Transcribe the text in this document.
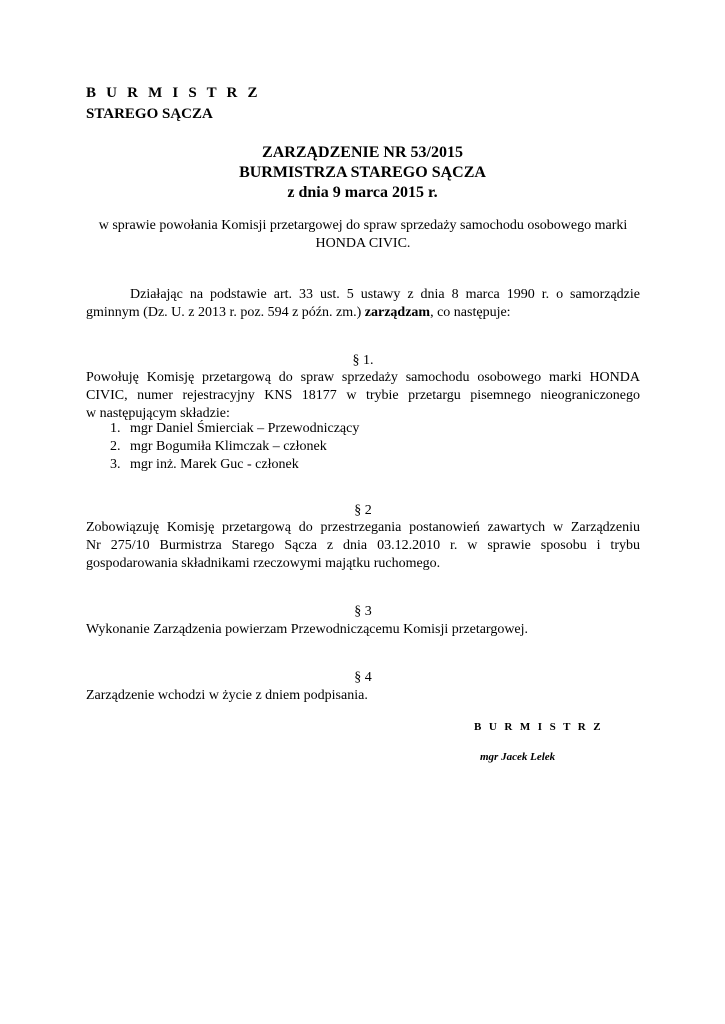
B U R M I S T R Z
STAREGO SĄCZA
ZARZĄDZENIE NR 53/2015
BURMISTRZA STAREGO SĄCZA
z dnia 9 marca 2015 r.
w sprawie powołania Komisji przetargowej do spraw sprzedaży samochodu osobowego marki
HONDA CIVIC.
Działając na podstawie art. 33 ust. 5 ustawy z dnia 8 marca 1990 r. o samorządzie
gminnym (Dz. U. z 2013 r. poz. 594 z późn. zm.) zarządzam, co następuje:
§ 1.
Powołuję Komisję przetargową do spraw sprzedaży samochodu osobowego marki HONDA
CIVIC, numer rejestracyjny KNS 18177 w trybie przetargu pisemnego nieograniczonego
w następującym składzie:
1. mgr Daniel Śmierciak – Przewodniczący
2. mgr Bogumiła Klimczak – członek
3. mgr inż. Marek Guc - członek
§ 2
Zobowiązuję Komisję przetargową do przestrzegania postanowień zawartych w Zarządzeniu
Nr 275/10 Burmistrza Starego Sącza z dnia 03.12.2010 r. w sprawie sposobu i trybu
gospodarowania składnikami rzeczowymi majątku ruchomego.
§ 3
Wykonanie Zarządzenia powierzam Przewodniczącemu Komisji przetargowej.
§ 4
Zarządzenie wchodzi w życie z dniem podpisania.
B U R M I S T R Z
mgr Jacek Lelek
